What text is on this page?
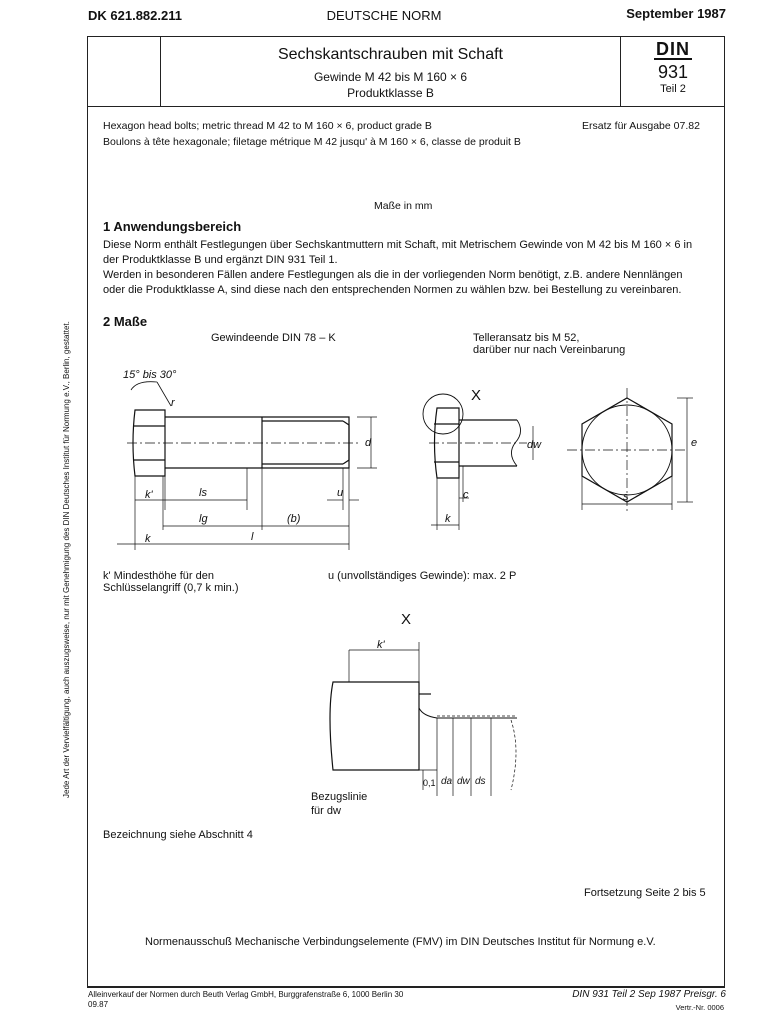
DK 621.882.211	DEUTSCHE NORM	September 1987
Sechskantschrauben mit Schaft
Gewinde M 42 bis M 160 × 6
Produktklasse B
DIN
931
Teil 2
Hexagon head bolts; metric thread M 42 to M 160 × 6, product grade B
Boulons à tête hexagonale; filetage métrique M 42 jusqu' à M 160 × 6, classe de produit B
Ersatz für Ausgabe 07.82
Maße in mm
1 Anwendungsbereich
Diese Norm enthält Festlegungen über Sechskantmuttern mit Schaft, mit Metrischem Gewinde von M 42 bis M 160 × 6 in
der Produktklasse B und ergänzt DIN 931 Teil 1.
Werden in besonderen Fällen andere Festlegungen als die in der vorliegenden Norm benötigt, z.B. andere Nennlängen
oder die Produktklasse A, sind diese nach den entsprechenden Normen zu wählen bzw. bei Bestellung zu vereinbaren.
2 Maße
Gewindeende DIN 78 – K	Telleransatz bis M 52,
darüber nur nach Vereinbarung
15° bis 30°
r
d
k'	ls
lg	(b)
l
u
k
X
dw
c
k
e
s
X
k'
0,1 da dw ds
Bezugslinie
für dw
k' Mindesthöhe für den
Schlüsselangriff (0,7 k min.)
u (unvollständiges Gewinde): max. 2 P
Bezeichnung siehe Abschnitt 4
Fortsetzung Seite 2 bis 5
Normenausschuß Mechanische Verbindungselemente (FMV) im DIN Deutsches Institut für Normung e.V.
Jede Art der Vervielfältigung, auch auszugsweise, nur mit Genehmigung des DIN Deutsches Institut für Normung e.V., Berlin, gestattet.
Alleinverkauf der Normen durch Beuth Verlag GmbH, Burggrafenstraße 6, 1000 Berlin 30
09.87
DIN 931 Teil 2 Sep 1987 Preisgr. 6
Vertr.-Nr. 0006
